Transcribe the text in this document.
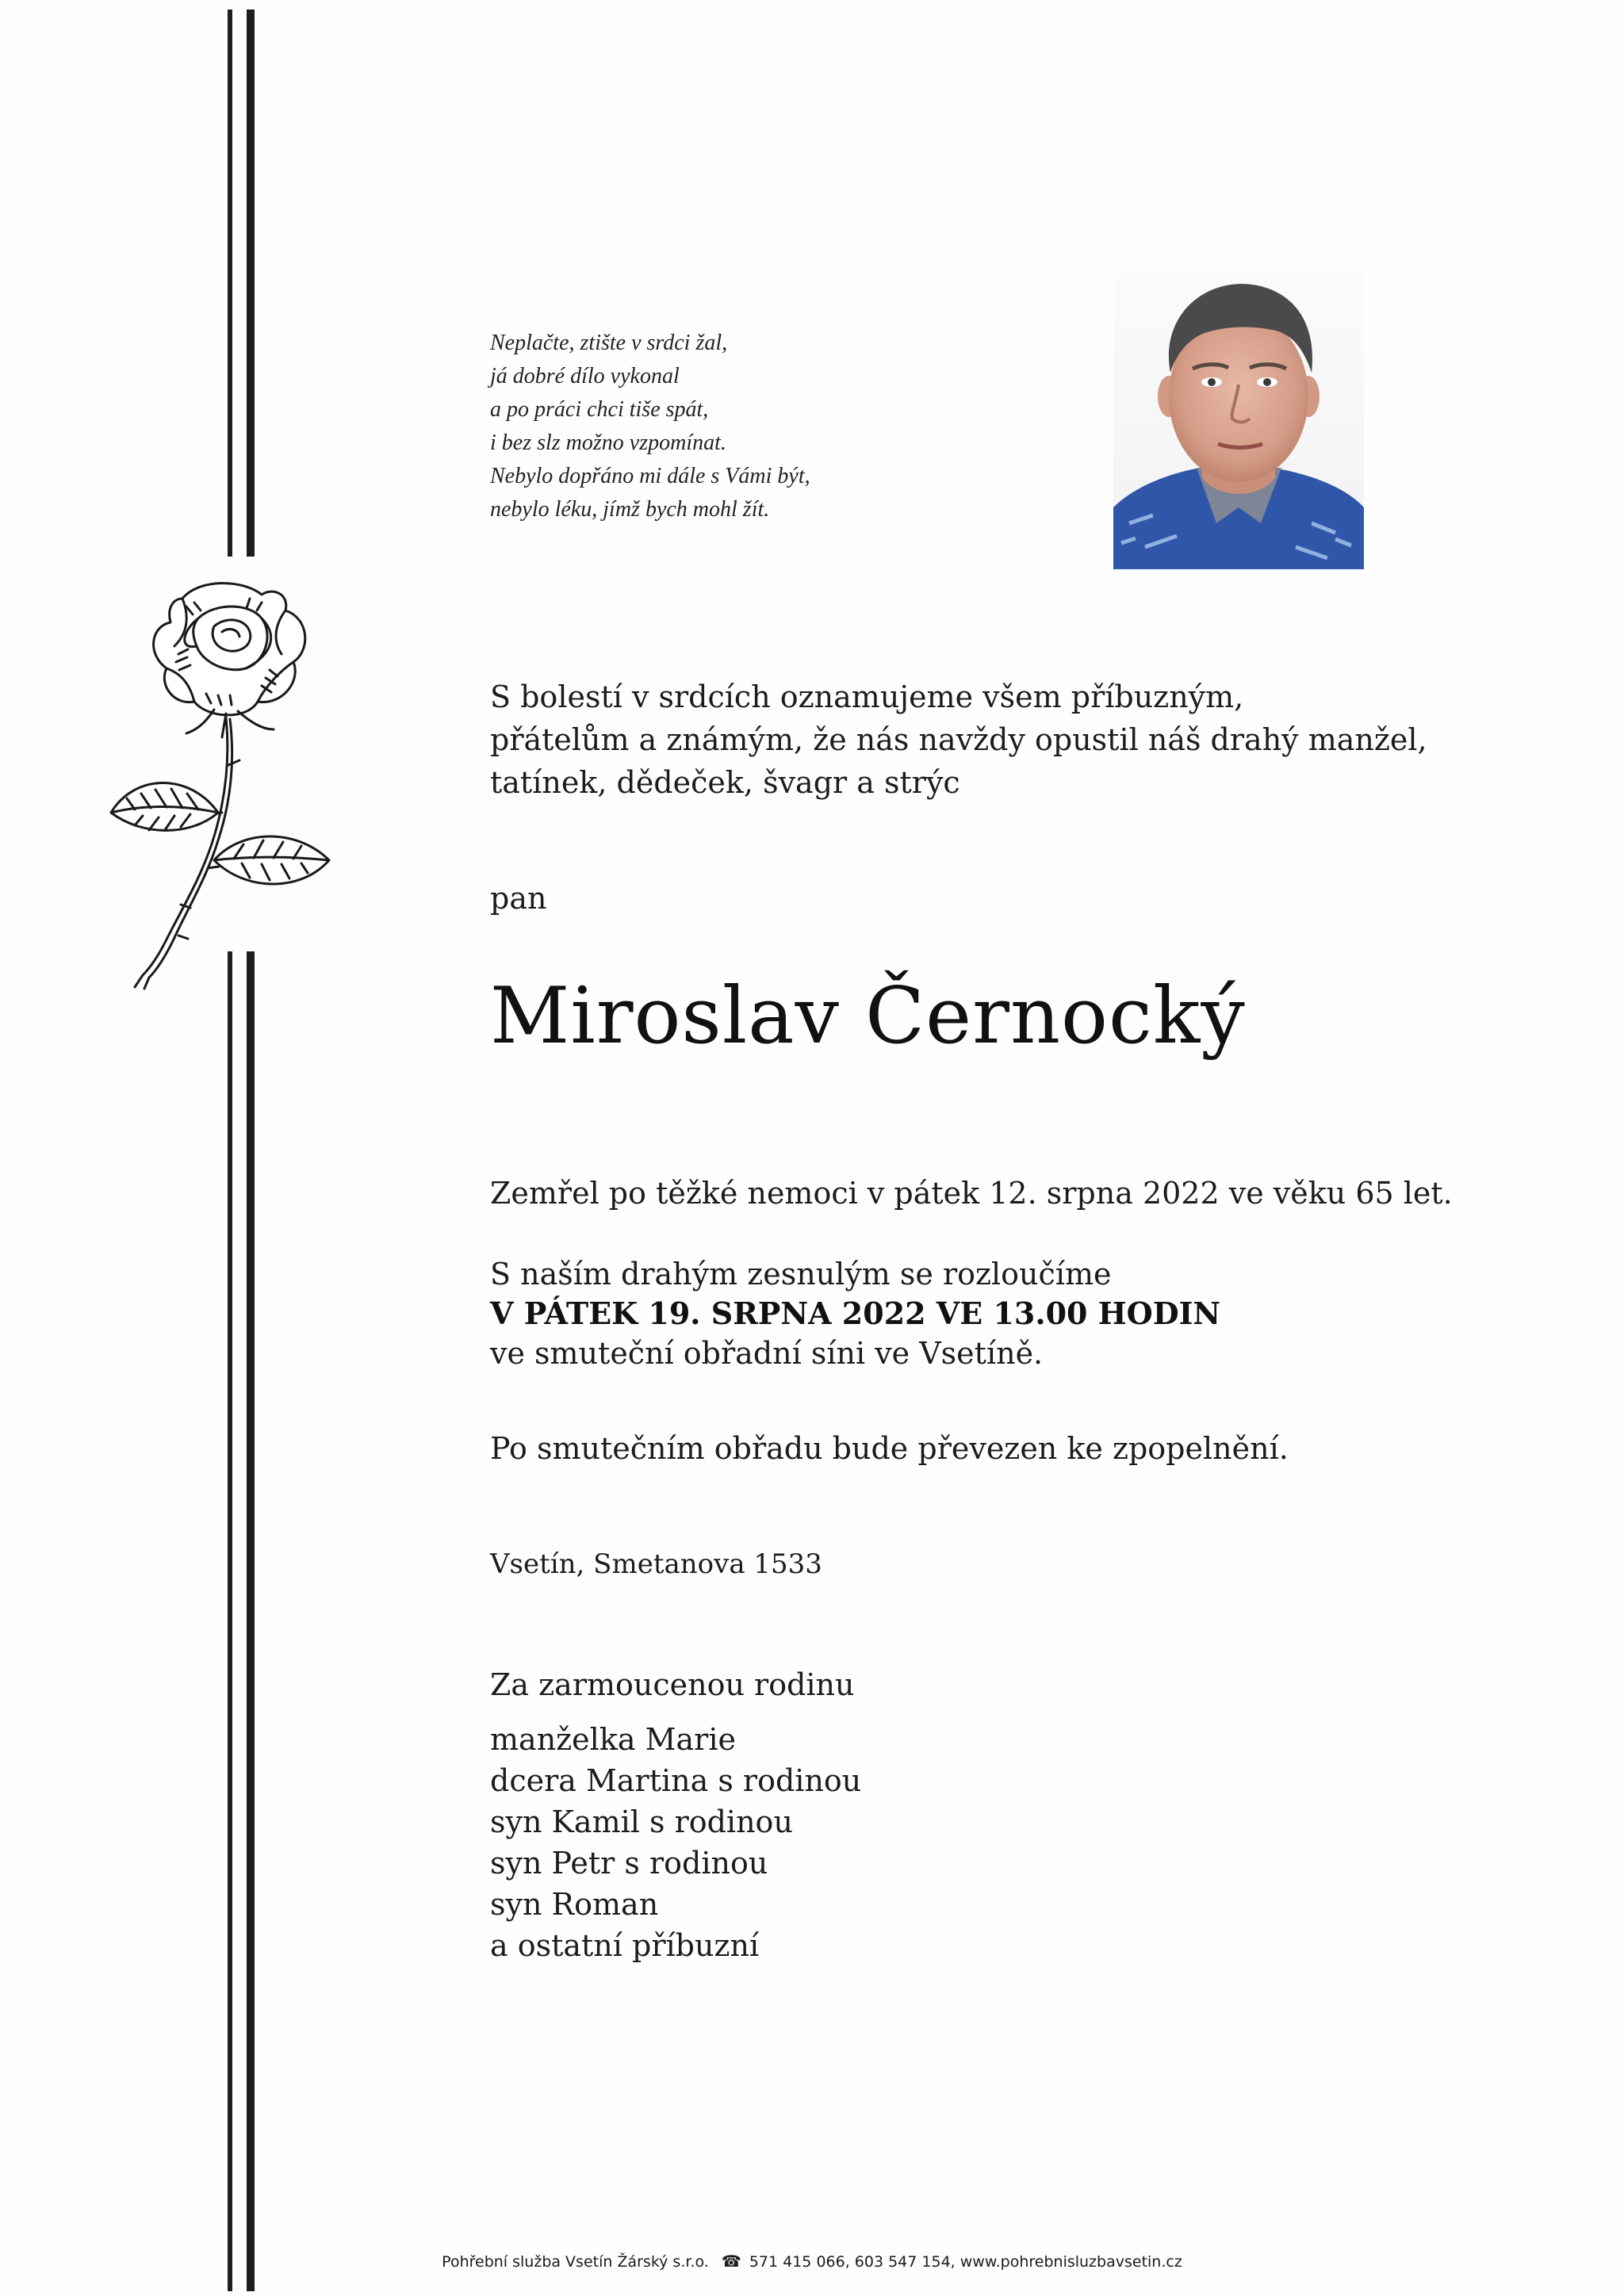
Neplačte, ztište v srdci žal,
já dobré dílo vykonal
a po práci chci tiše spát,
i bez slz možno vzpomínat.
Nebylo dopřáno mi dále s Vámi být,
nebylo léku, jímž bych mohl žít.
S bolestí v srdcích oznamujeme všem příbuzným,
přátelům a známým, že nás navždy opustil náš drahý manžel,
tatínek, dědeček, švagr a strýc
pan
Miroslav Černocký
Zemřel po těžké nemoci v pátek 12. srpna 2022 ve věku 65 let.
S naším drahým zesnulým se rozloučíme
V PÁTEK 19. SRPNA 2022 VE 13.00 HODIN
ve smuteční obřadní síni ve Vsetíně.
Po smutečním obřadu bude převezen ke zpopelnění.
Vsetín, Smetanova 1533
Za zarmoucenou rodinu
manželka Marie
dcera Martina s rodinou
syn Kamil s rodinou
syn Petr s rodinou
syn Roman
a ostatní příbuzní
Pohřební služba Vsetín Žárský s.r.o. ☎ 571 415 066, 603 547 154, www.pohrebnisluzbavsetin.cz
